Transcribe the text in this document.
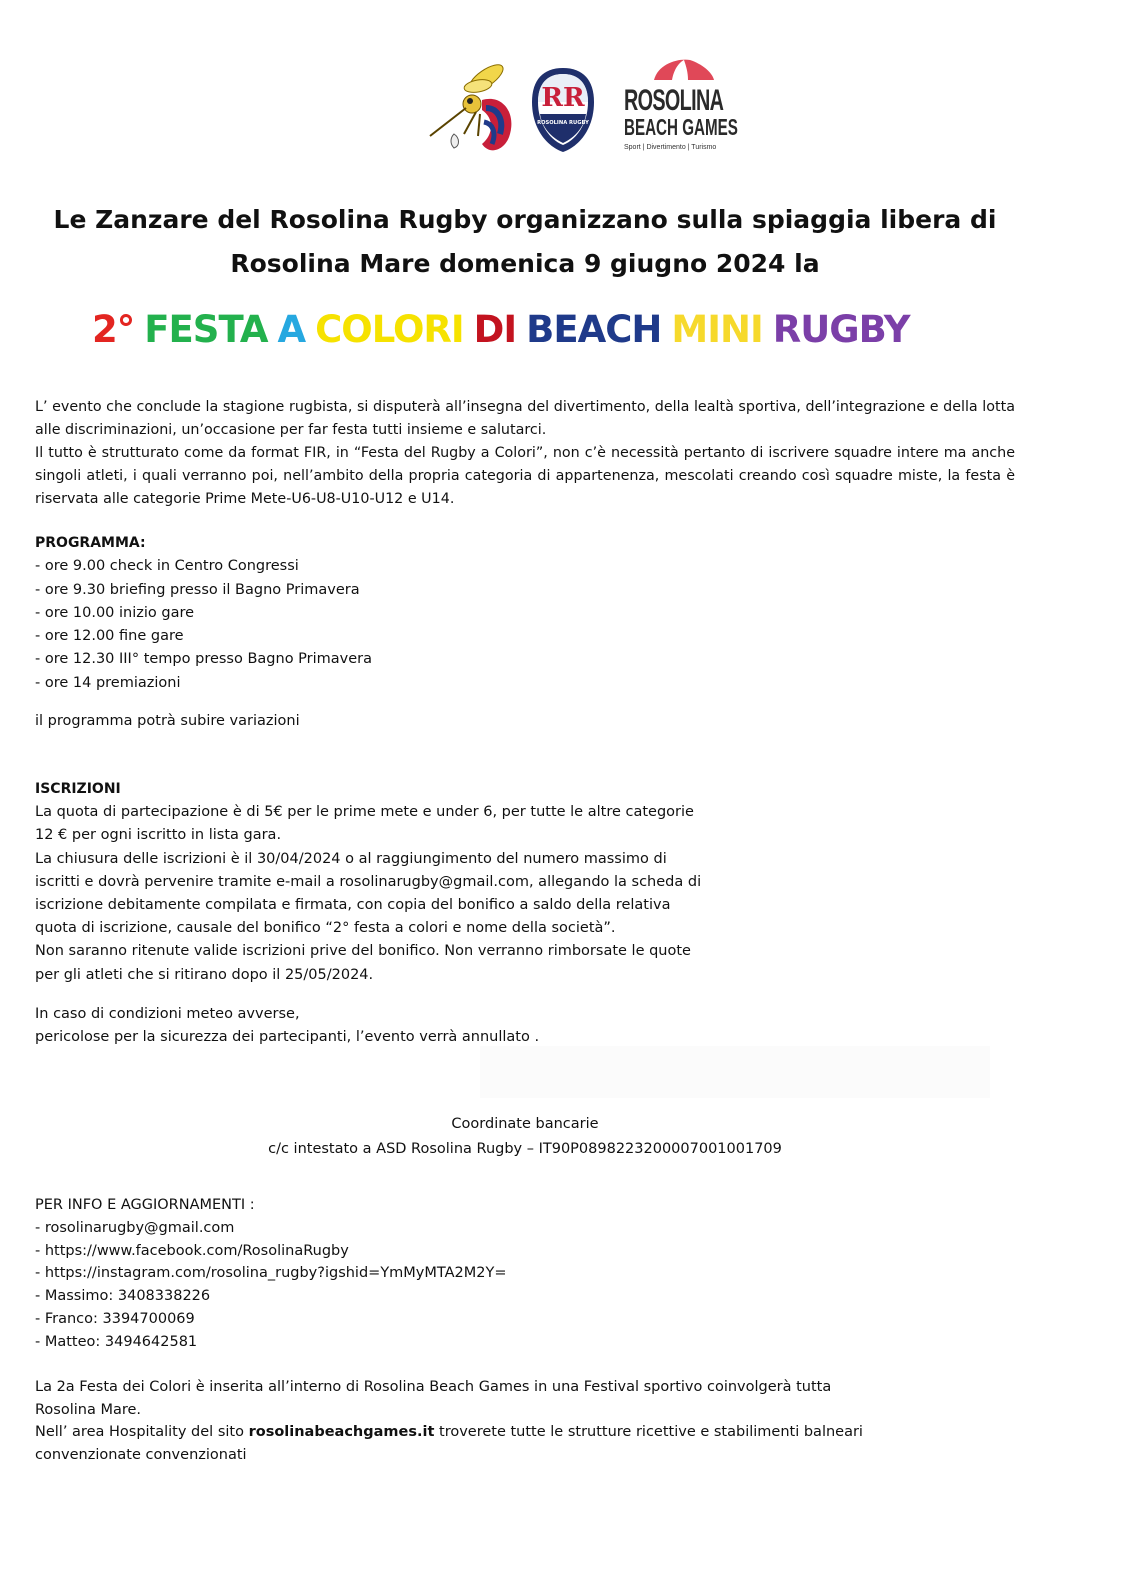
RR
ROSOLINA RUGBY
ROSOLINA
BEACH GAMES
Sport | Divertimento | Turismo
Le Zanzare del Rosolina Rugby organizzano sulla spiaggia libera di
Rosolina Mare domenica 9 giugno 2024 la
2° FESTA A COLORI DI BEACH MINI RUGBY

L’ evento che conclude la stagione rugbista, si disputerà all’insegna del divertimento, della lealtà sportiva, dell’integrazione e della lotta alle discriminazioni, un’occasione per far festa tutti insieme e salutarci.

Il tutto è strutturato come da format FIR, in “Festa del Rugby a Colori”, non c’è necessità pertanto di iscrivere squadre intere ma anche singoli atleti, i quali verranno poi, nell’ambito della propria categoria di appartenenza, mescolati creando così squadre miste, la festa è riservata alle categorie Prime Mete-U6-U8-U10-U12 e U14.

PROGRAMMA:

- ore 9.00 check in Centro Congressi
- ore 9.30 briefing presso il Bagno Primavera
- ore 10.00 inizio gare
- ore 12.00 fine gare
- ore 12.30 III° tempo presso Bagno Primavera
- ore 14 premiazioni

il programma potrà subire variazioni

ISCRIZIONI

La quota di partecipazione è di 5€ per le prime mete e under 6, per tutte le altre categorie

12 € per ogni iscritto in lista gara.

La chiusura delle iscrizioni è il 30/04/2024 o al raggiungimento del numero massimo di

iscritti e dovrà pervenire tramite e-mail a rosolinarugby@gmail.com, allegando la scheda di

iscrizione debitamente compilata e firmata, con copia del bonifico a saldo della relativa

quota di iscrizione, causale del bonifico “2° festa a colori e nome della società”.

Non saranno ritenute valide iscrizioni prive del bonifico. Non verranno rimborsate le quote

per gli atleti che si ritirano dopo il 25/05/2024.

In caso di condizioni meteo avverse,

pericolose per la sicurezza dei partecipanti, l’evento verrà annullato .

Coordinate bancarie

c/c intestato a ASD Rosolina Rugby – IT90P0898223200007001001709

PER INFO E AGGIORNAMENTI :

- rosolinarugby@gmail.com
- https://www.facebook.com/RosolinaRugby
- https://instagram.com/rosolina_rugby?igshid=YmMyMTA2M2Y=
- Massimo: 3408338226
- Franco: 3394700069
- Matteo: 3494642581

La 2a Festa dei Colori è inserita all’interno di Rosolina Beach Games in una Festival sportivo coinvolgerà tutta

Rosolina Mare.

Nell’ area Hospitality del sito rosolinabeachgames.it troverete tutte le strutture ricettive e stabilimenti balneari

convenzionate convenzionati
